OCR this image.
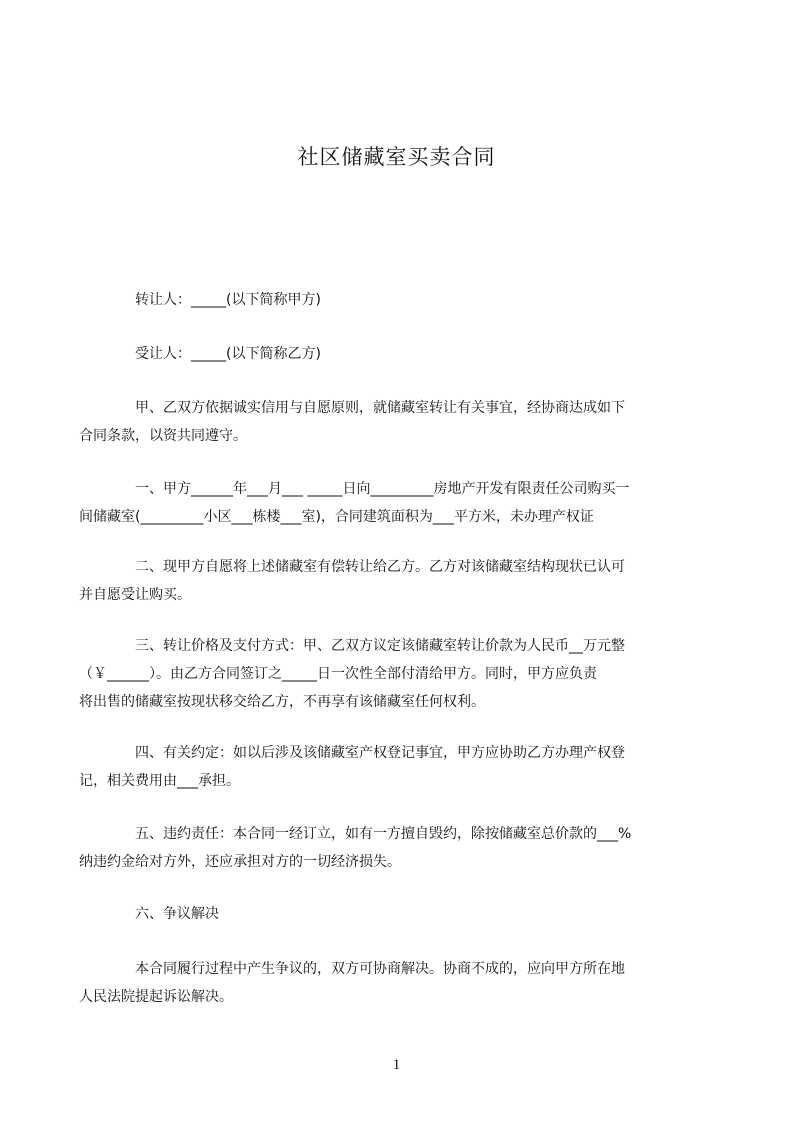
社区储藏室买卖合同

转让人：_____(以下简称甲方)

受让人：_____(以下简称乙方)

甲、乙双方依据诚实信用与自愿原则，就储藏室转让有关事宜，经协商达成如下
合同条款，以资共同遵守。

一、甲方______年___月___ _____日向_________房地产开发有限责任公司购买一
间储藏室(_________小区___栋楼___室)，合同建筑面积为___平方米，未办理产权证

二、现甲方自愿将上述储藏室有偿转让给乙方。乙方对该储藏室结构现状已认可
并自愿受让购买。

三、转让价格及支付方式：甲、乙双方议定该储藏室转让价款为人民币__万元整
（￥______）。由乙方合同签订之_____日一次性全部付清给甲方。同时，甲方应负责
将出售的储藏室按现状移交给乙方，不再享有该储藏室任何权利。

四、有关约定：如以后涉及该储藏室产权登记事宜，甲方应协助乙方办理产权登
记，相关费用由___承担。

五、违约责任：本合同一经订立，如有一方擅自毁约，除按储藏室总价款的___%
纳违约金给对方外，还应承担对方的一切经济损失。

六、争议解决

本合同履行过程中产生争议的，双方可协商解决。协商不成的，应向甲方所在地
人民法院提起诉讼解决。

1
